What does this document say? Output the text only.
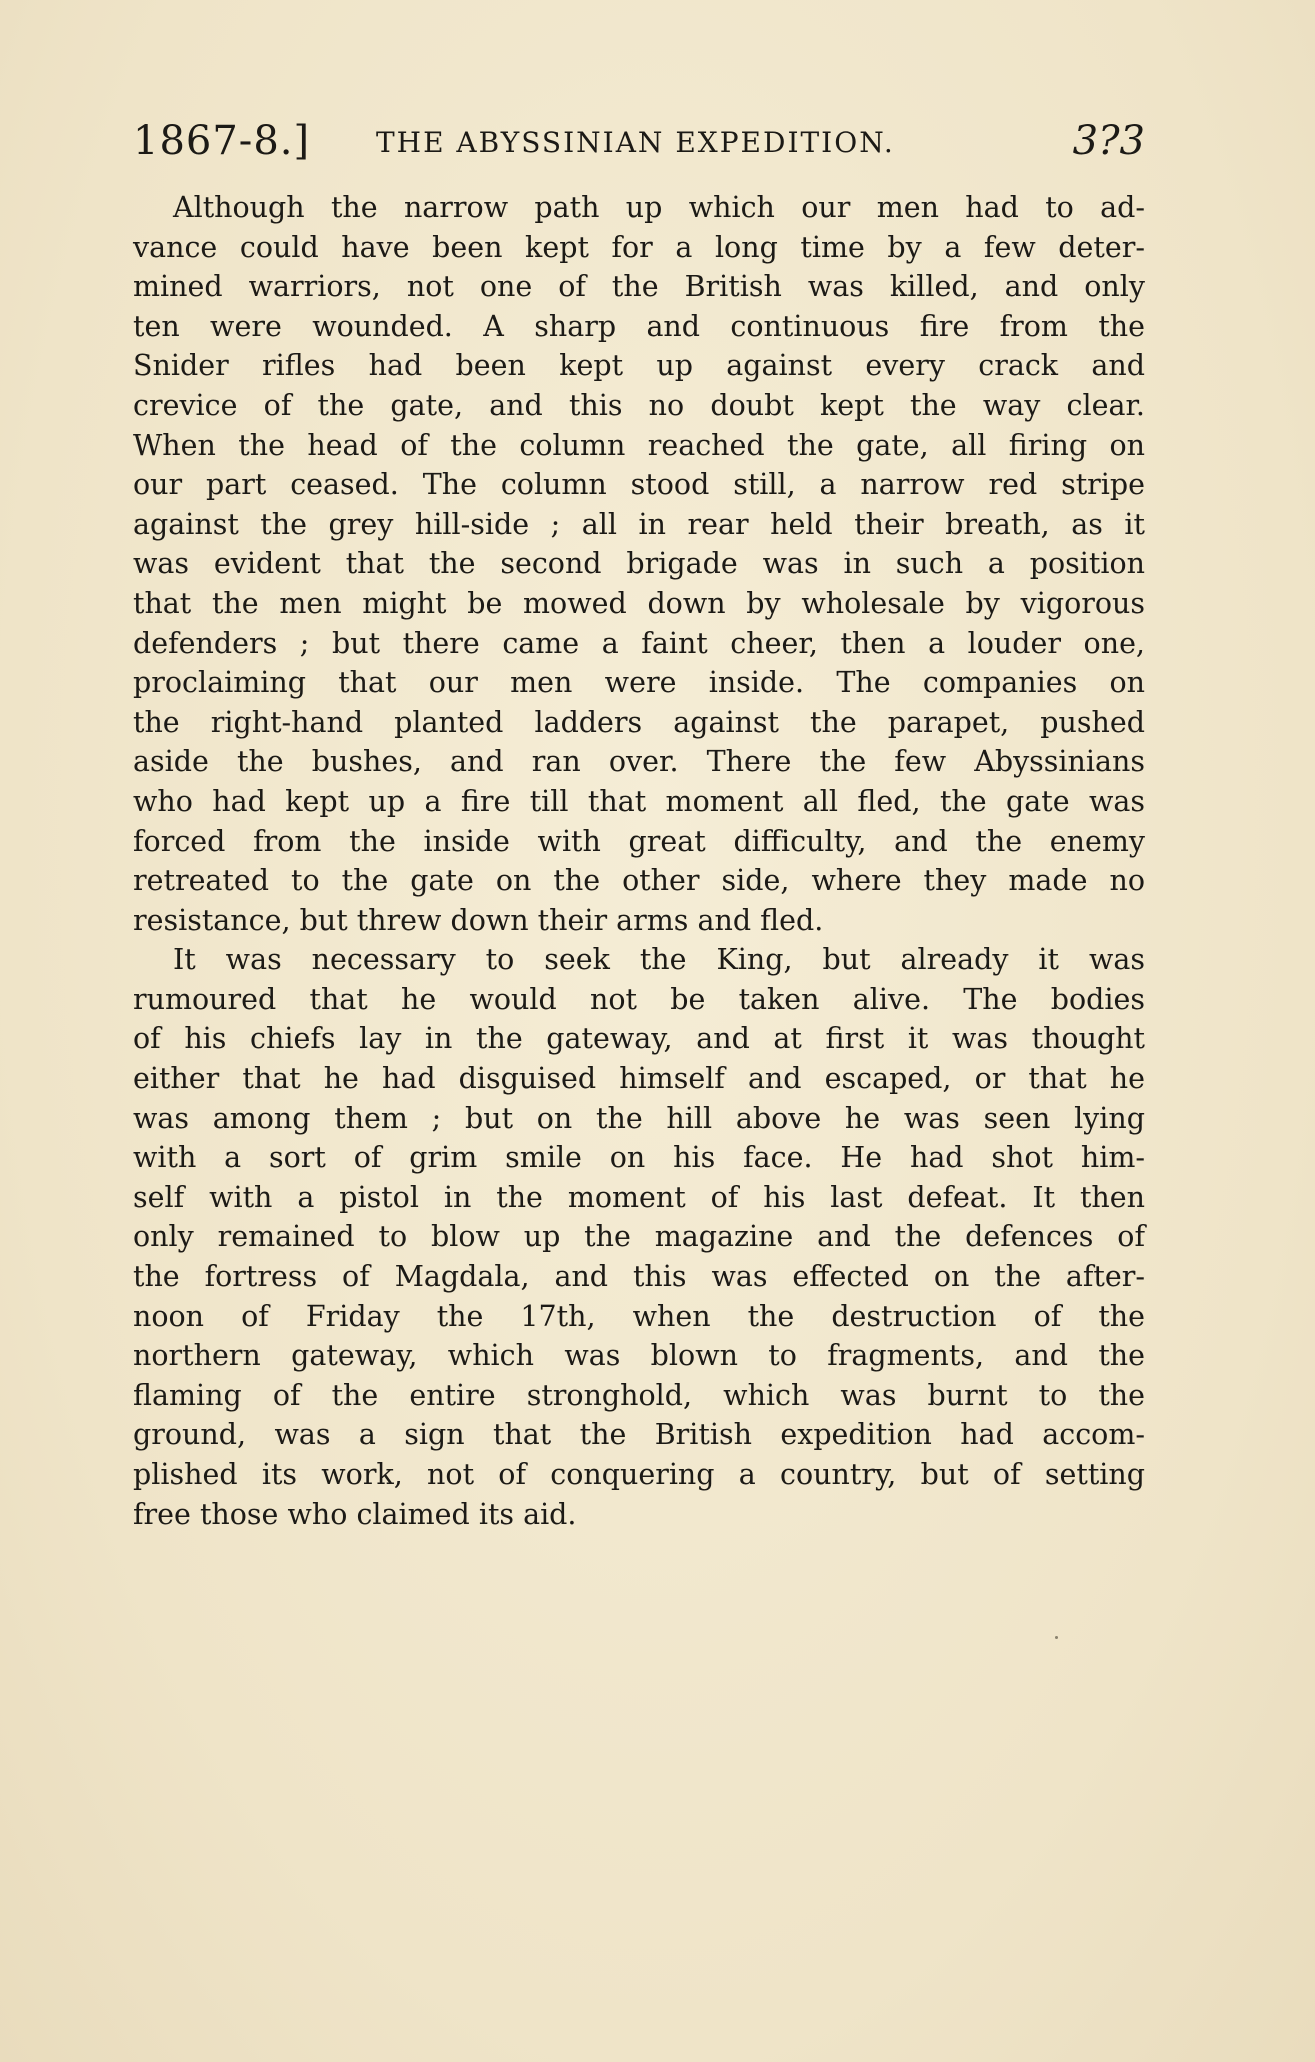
1867-8.] THE ABYSSINIAN EXPEDITION.	3?3
Although the narrow path up which our men had to ad-
vance could have been kept for a long time by a few deter-
mined warriors, not one of the British was killed, and only
ten were wounded. A sharp and continuous fire from the
Snider rifles had been kept up against every crack and
crevice of the gate, and this no doubt kept the way clear.
When the head of the column reached the gate, all firing on
our part ceased. The column stood still, a narrow red stripe
against the grey hill-side ; all in rear held their breath, as it
was evident that the second brigade was in such a position
that the men might be mowed down by wholesale by vigorous
defenders ; but there came a faint cheer, then a louder one,
proclaiming that our men were inside. The companies on
the right-hand planted ladders against the parapet, pushed
aside the bushes, and ran over. There the few Abyssinians
who had kept up a fire till that moment all fled, the gate was
forced from the inside with great difficulty, and the enemy
retreated to the gate on the other side, where they made no
resistance, but threw down their arms and fled.
It was necessary to seek the King, but already it was
rumoured that he would not be taken alive. The bodies
of his chiefs lay in the gateway, and at first it was thought
either that he had disguised himself and escaped, or that he
was among them ; but on the hill above he was seen lying
with a sort of grim smile on his face. He had shot him-
self with a pistol in the moment of his last defeat. It then
only remained to blow up the magazine and the defences of
the fortress of Magdala, and this was effected on the after-
noon of Friday the 17th, when the destruction of the
northern gateway, which was blown to fragments, and the
flaming of the entire stronghold, which was burnt to the
ground, was a sign that the British expedition had accom-
plished its work, not of conquering a country, but of setting
free those who claimed its aid.
